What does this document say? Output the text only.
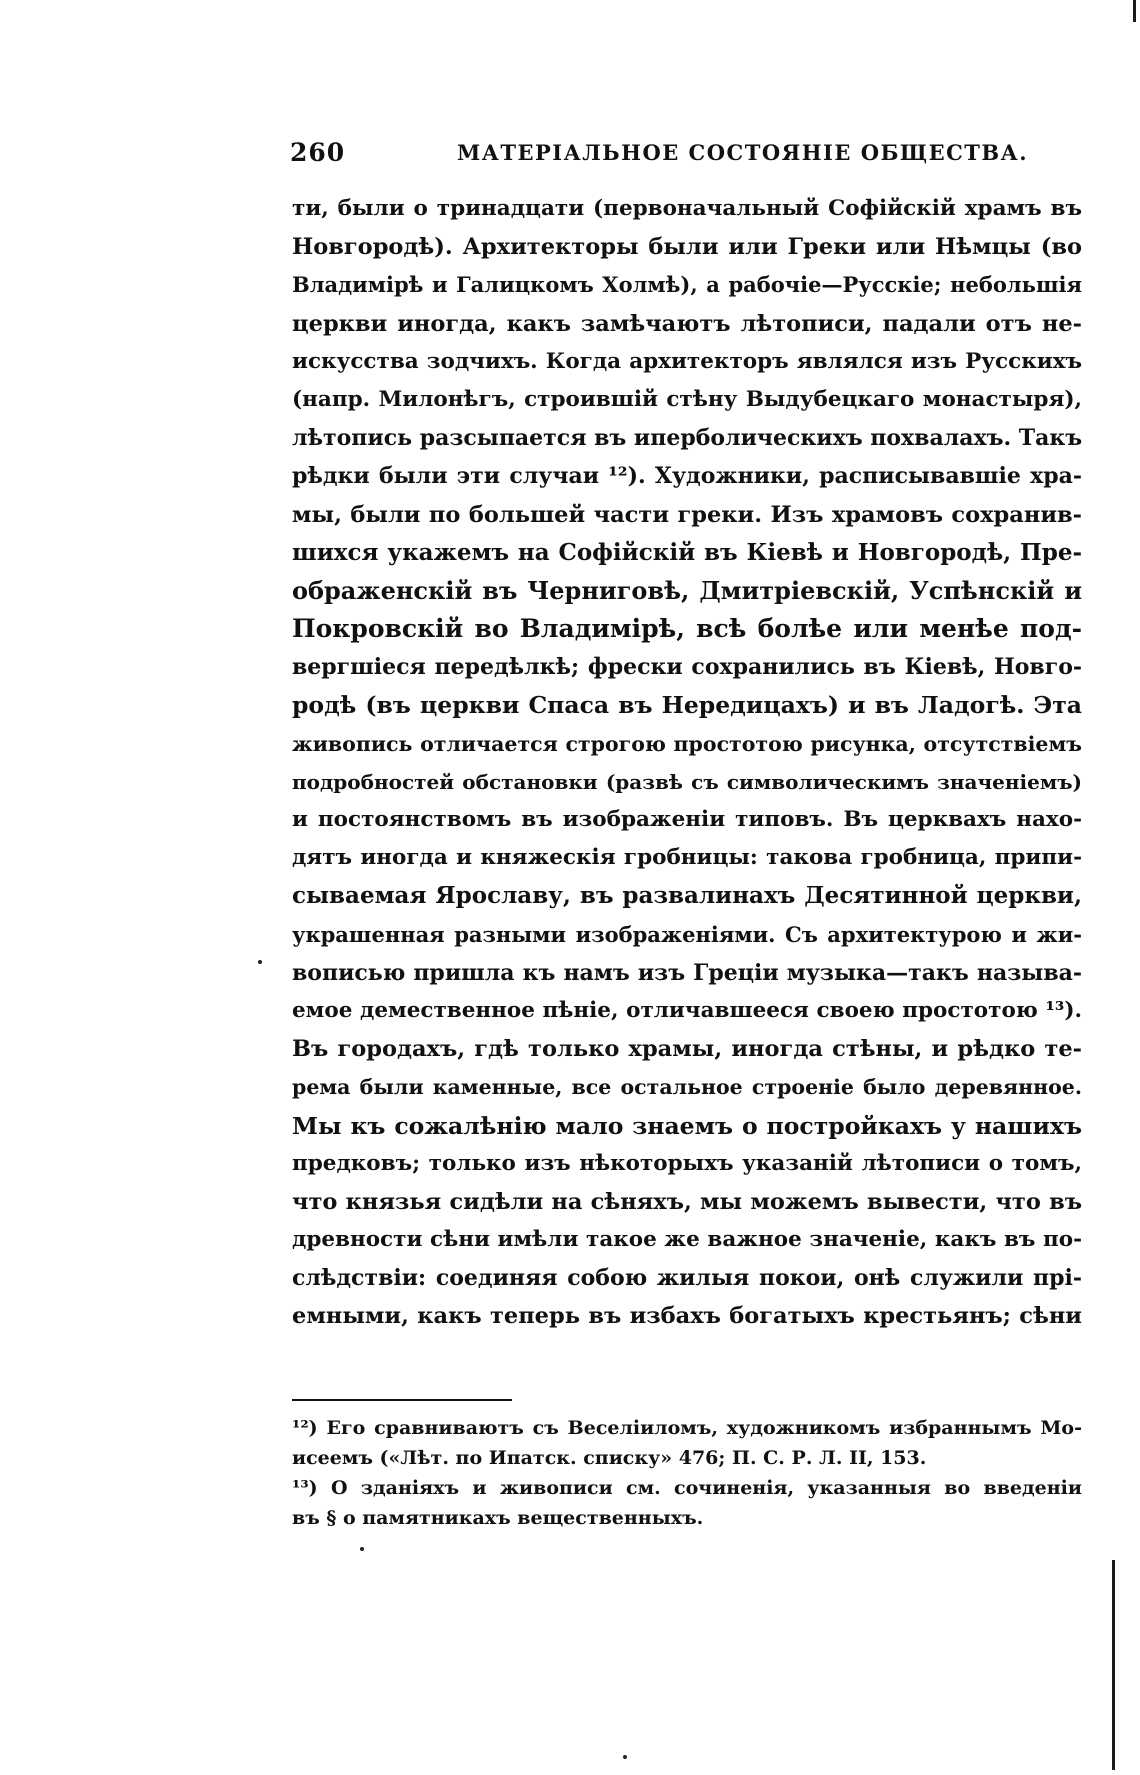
260	МАТЕРІАЛЬНОЕ СОСТОЯНІЕ ОБЩЕСТВА.
ти, были о тринадцати (первоначальный Софійскій храмъ въ
Новгородѣ). Архитекторы были или Греки или Нѣмцы (во
Владимірѣ и Галицкомъ Холмѣ), а рабочіе—Русскіе; небольшія
церкви иногда, какъ замѣчаютъ лѣтописи, падали отъ не-
искусства зодчихъ. Когда архитекторъ являлся изъ Русскихъ
(напр. Милонѣгъ, строившій стѣну Выдубецкаго монастыря),
лѣтопись разсыпается въ иперболическихъ похвалахъ. Такъ
рѣдки были эти случаи ¹²). Художники, расписывавшіе хра-
мы, были по большей части греки. Изъ храмовъ сохранив-
шихся укажемъ на Софійскій въ Кіевѣ и Новгородѣ, Пре-
ображенскій въ Черниговѣ, Дмитріевскій, Успѣнскій и
Покровскій во Владимірѣ, всѣ болѣе или менѣе под-
вергшіеся передѣлкѣ; фрески сохранились въ Кіевѣ, Новго-
родѣ (въ церкви Спаса въ Нередицахъ) и въ Ладогѣ. Эта
живопись отличается строгою простотою рисунка, отсутствіемъ
подробностей обстановки (развѣ съ символическимъ значеніемъ)
и постоянствомъ въ изображеніи типовъ. Въ церквахъ нахо-
дятъ иногда и княжескія гробницы: такова гробница, припи-
сываемая Ярославу, въ развалинахъ Десятинной церкви,
украшенная разными изображеніями. Съ архитектурою и жи-
вописью пришла къ намъ изъ Греціи музыка—такъ называ-
емое демественное пѣніе, отличавшееся своею простотою ¹³).
Въ городахъ, гдѣ только храмы, иногда стѣны, и рѣдко те-
рема были каменные, все остальное строеніе было деревянное.
Мы къ сожалѣнію мало знаемъ о постройкахъ у нашихъ
предковъ; только изъ нѣкоторыхъ указаній лѣтописи о томъ,
что князья сидѣли на сѣняхъ, мы можемъ вывести, что въ
древности сѣни имѣли такое же важное значеніе, какъ въ по-
слѣдствіи: соединяя собою жилыя покои, онѣ служили прі-
емными, какъ теперь въ избахъ богатыхъ крестьянъ; сѣни
¹²) Его сравниваютъ съ Веселіиломъ, художникомъ избраннымъ Мо-
исеемъ («Лѣт. по Ипатск. списку» 476; П. С. Р. Л. II, 153.
¹³) О зданіяхъ и живописи см. сочиненія, указанныя во введеніи
въ § о памятникахъ вещественныхъ.
